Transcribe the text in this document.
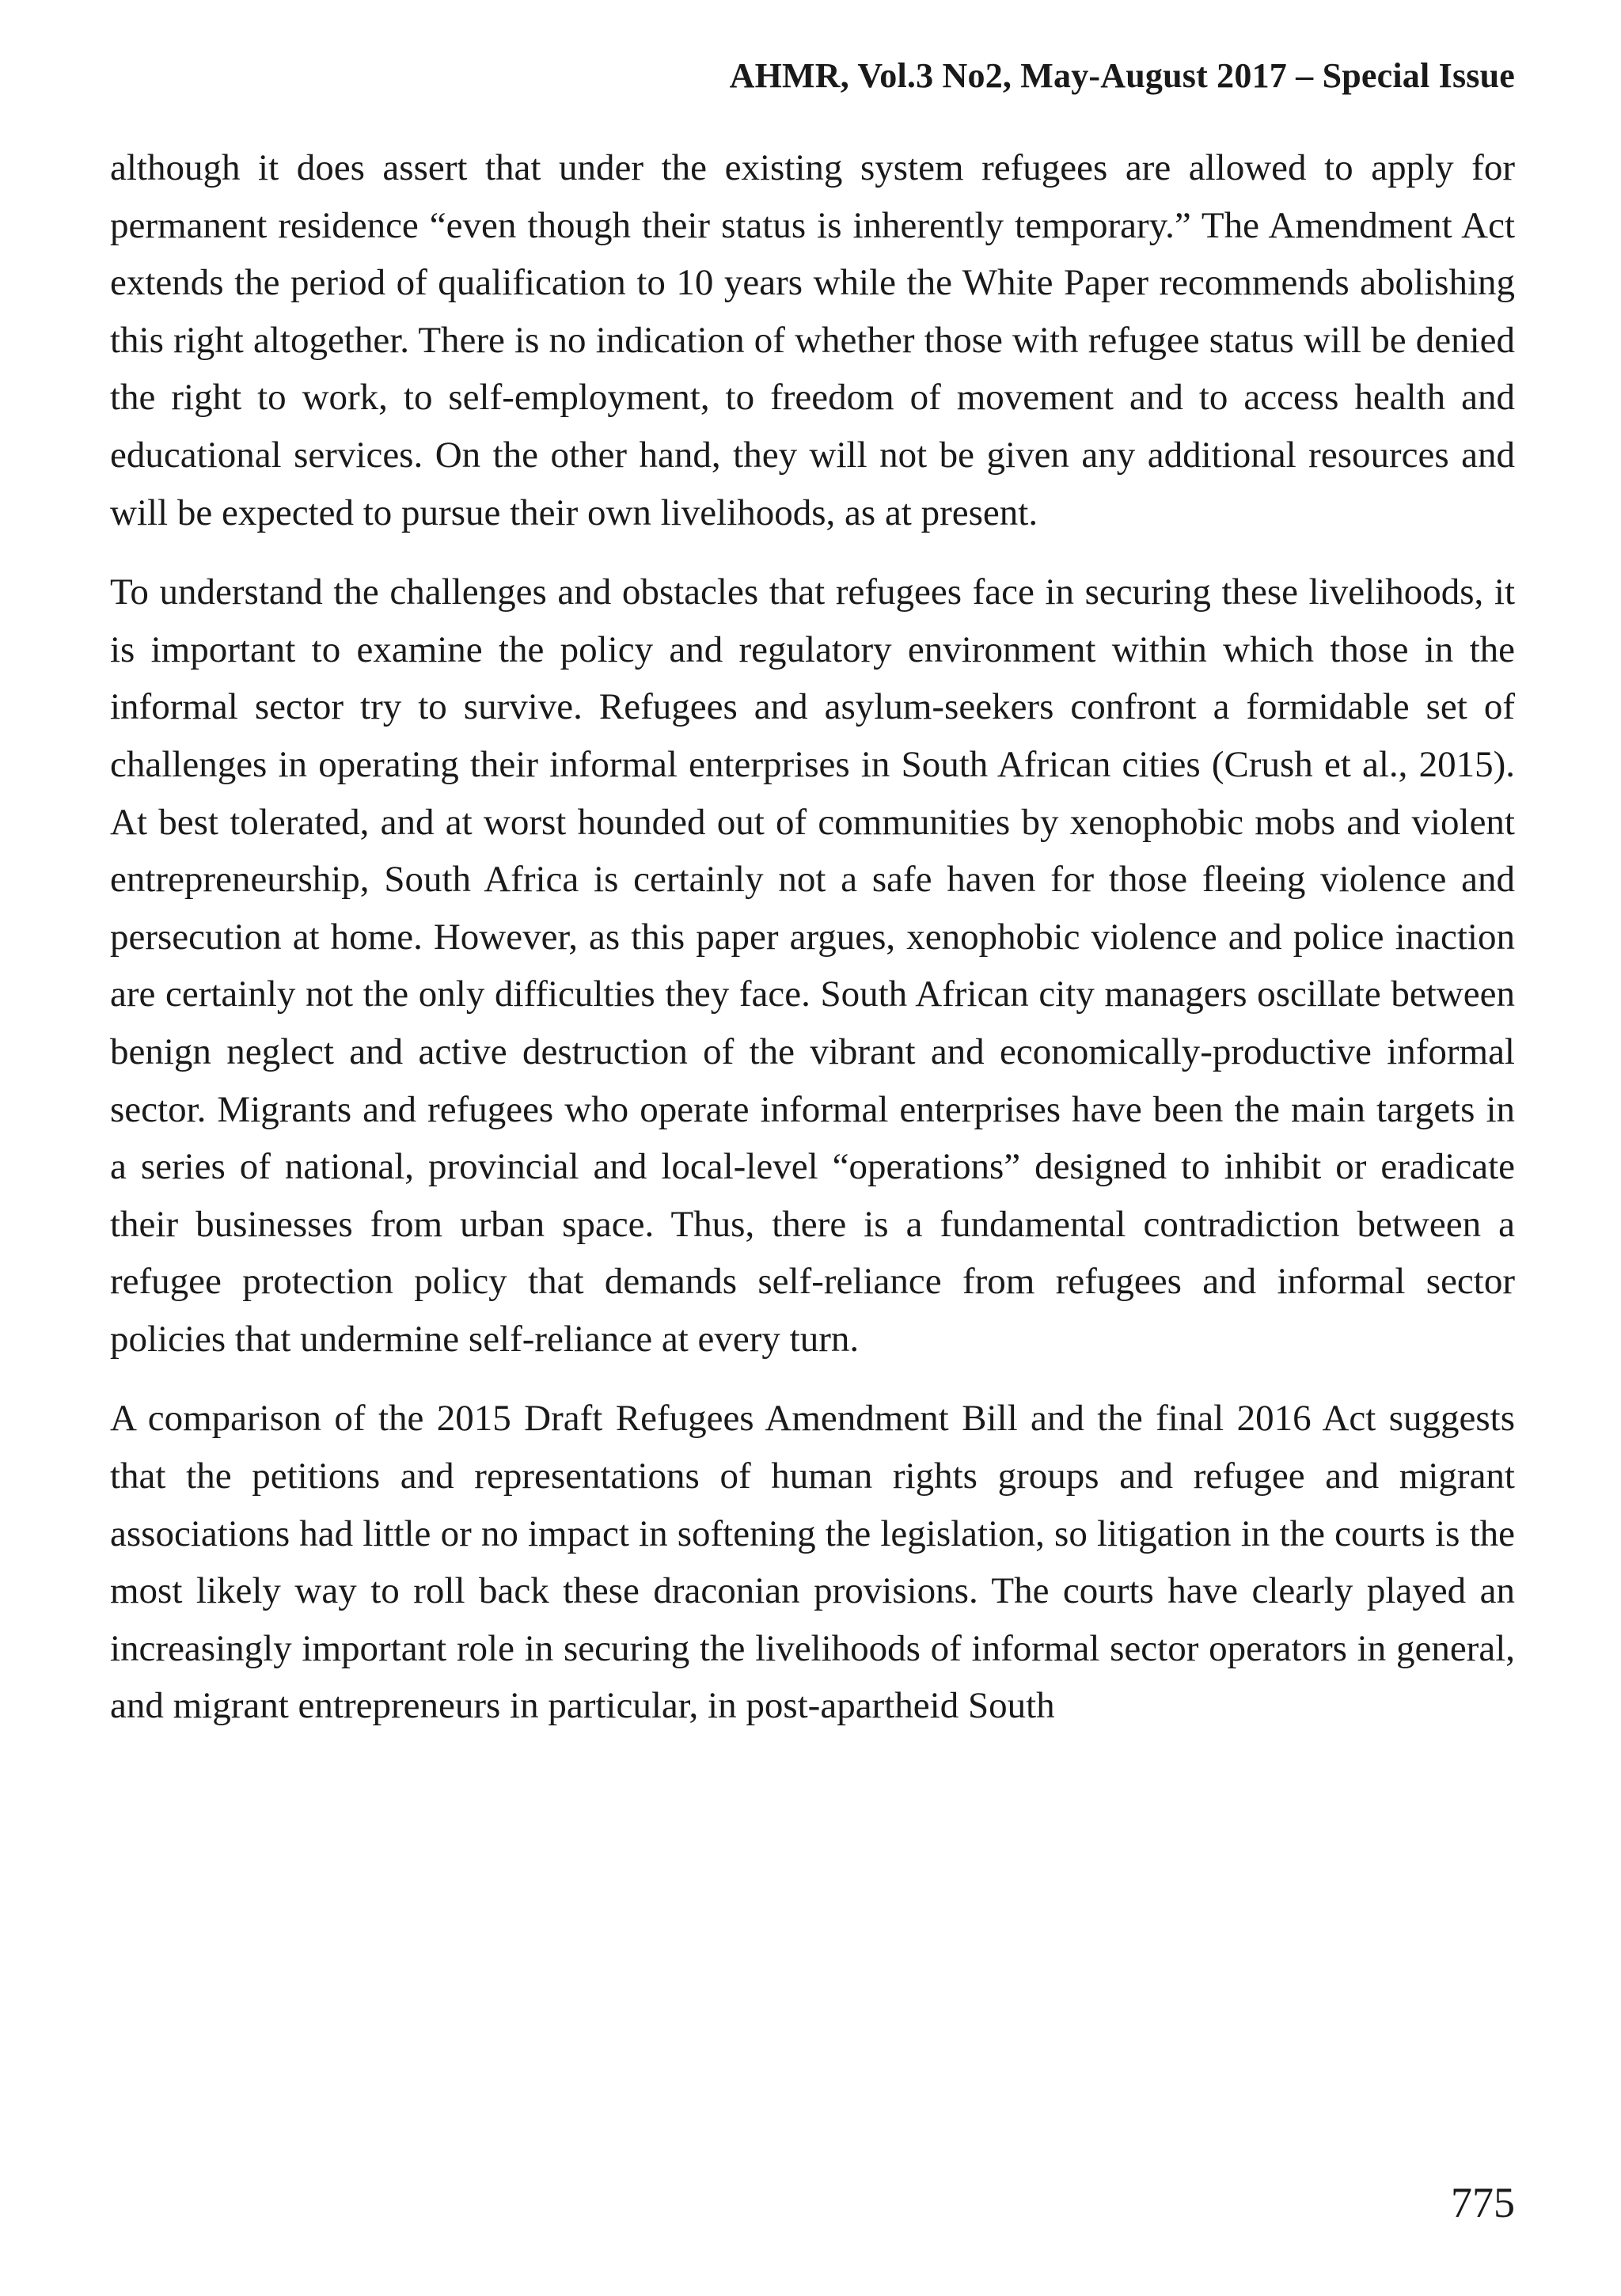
AHMR, Vol.3 No2, May-August 2017 – Special Issue

although it does assert that under the existing system refugees are allowed to apply for permanent residence “even though their status is inherently temporary.” The Amendment Act extends the period of qualification to 10 years while the White Paper recommends abolishing this right altogether. There is no indication of whether those with refugee status will be denied the right to work, to self-employment, to freedom of movement and to access health and educational services. On the other hand, they will not be given any additional resources and will be expected to pursue their own livelihoods, as at present.

To understand the challenges and obstacles that refugees face in securing these livelihoods, it is important to examine the policy and regulatory environment within which those in the informal sector try to survive. Refugees and asylum-seekers confront a formidable set of challenges in operating their informal enterprises in South African cities (Crush et al., 2015). At best tolerated, and at worst hounded out of communities by xenophobic mobs and violent entrepreneurship, South Africa is certainly not a safe haven for those fleeing violence and persecution at home. However, as this paper argues, xenophobic violence and police inaction are certainly not the only difficulties they face. South African city managers oscillate between benign neglect and active destruction of the vibrant and economically-productive informal sector. Migrants and refugees who operate informal enterprises have been the main targets in a series of national, provincial and local-level “operations” designed to inhibit or eradicate their businesses from urban space. Thus, there is a fundamental contradiction between a refugee protection policy that demands self-reliance from refugees and informal sector policies that undermine self-reliance at every turn.

A comparison of the 2015 Draft Refugees Amendment Bill and the final 2016 Act suggests that the petitions and representations of human rights groups and refugee and migrant associations had little or no impact in softening the legislation, so litigation in the courts is the most likely way to roll back these draconian provisions. The courts have clearly played an increasingly important role in securing the livelihoods of informal sector operators in general, and migrant entrepreneurs in particular, in post-apartheid South

775
